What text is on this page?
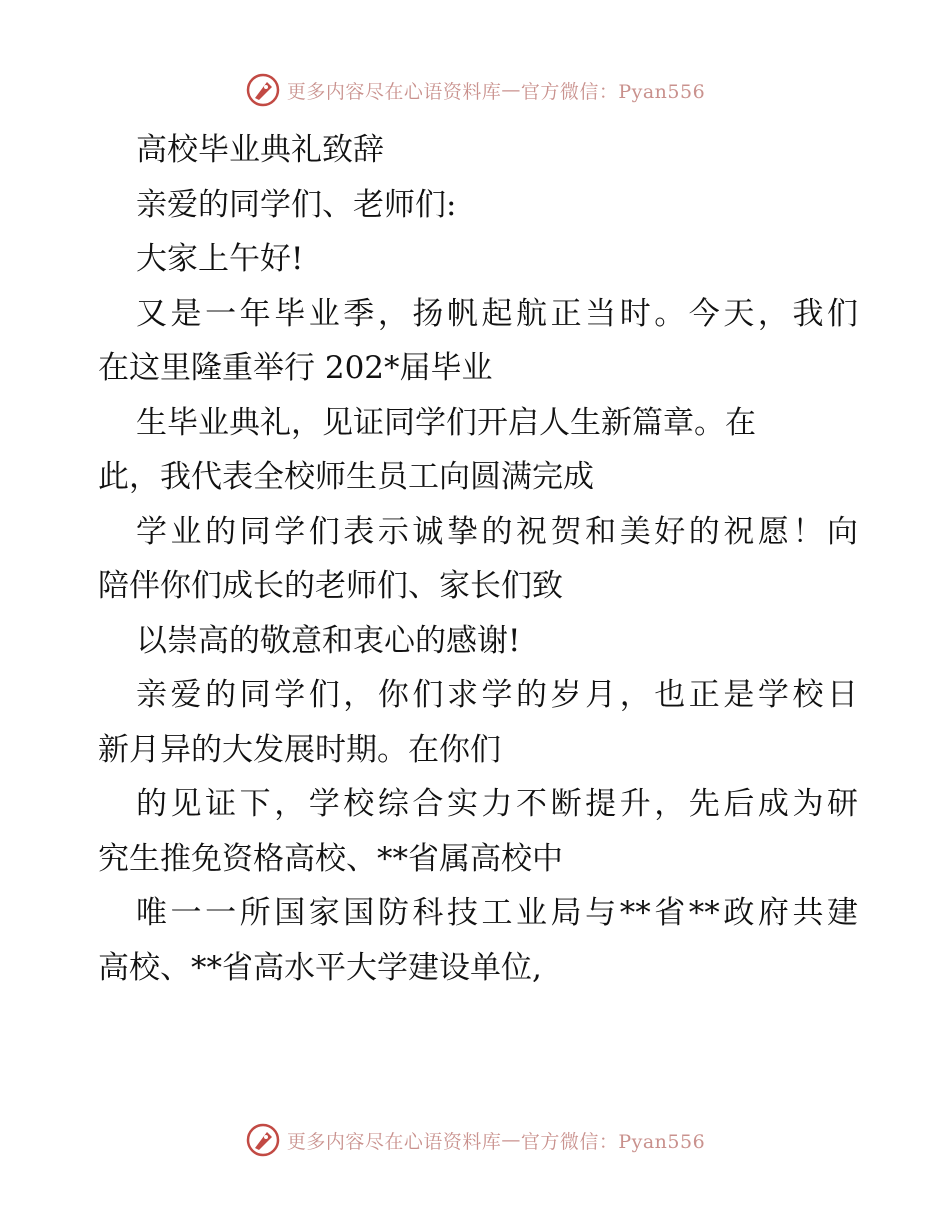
更多内容尽在心语资料库 — 官方微信：Pyan556
高校毕业典礼致辞
亲爱的同学们、老师们:
大家上午好!
又是一年毕业季，扬帆起航正当时。今天，我们
在这里隆重举行 202*届毕业
生毕业典礼，见证同学们开启人生新篇章。在
此，我代表全校师生员工向圆满完成
学业的同学们表示诚挚的祝贺和美好的祝愿！向
陪伴你们成长的老师们、家长们致
以崇高的敬意和衷心的感谢!
亲爱的同学们，你们求学的岁月，也正是学校日
新月异的大发展时期。在你们
的见证下，学校综合实力不断提升，先后成为研
究生推免资格高校、**省属高校中
唯一一所国家国防科技工业局与**省**政府共建
高校、**省高水平大学建设单位,
更多内容尽在心语资料库 — 官方微信：Pyan556
